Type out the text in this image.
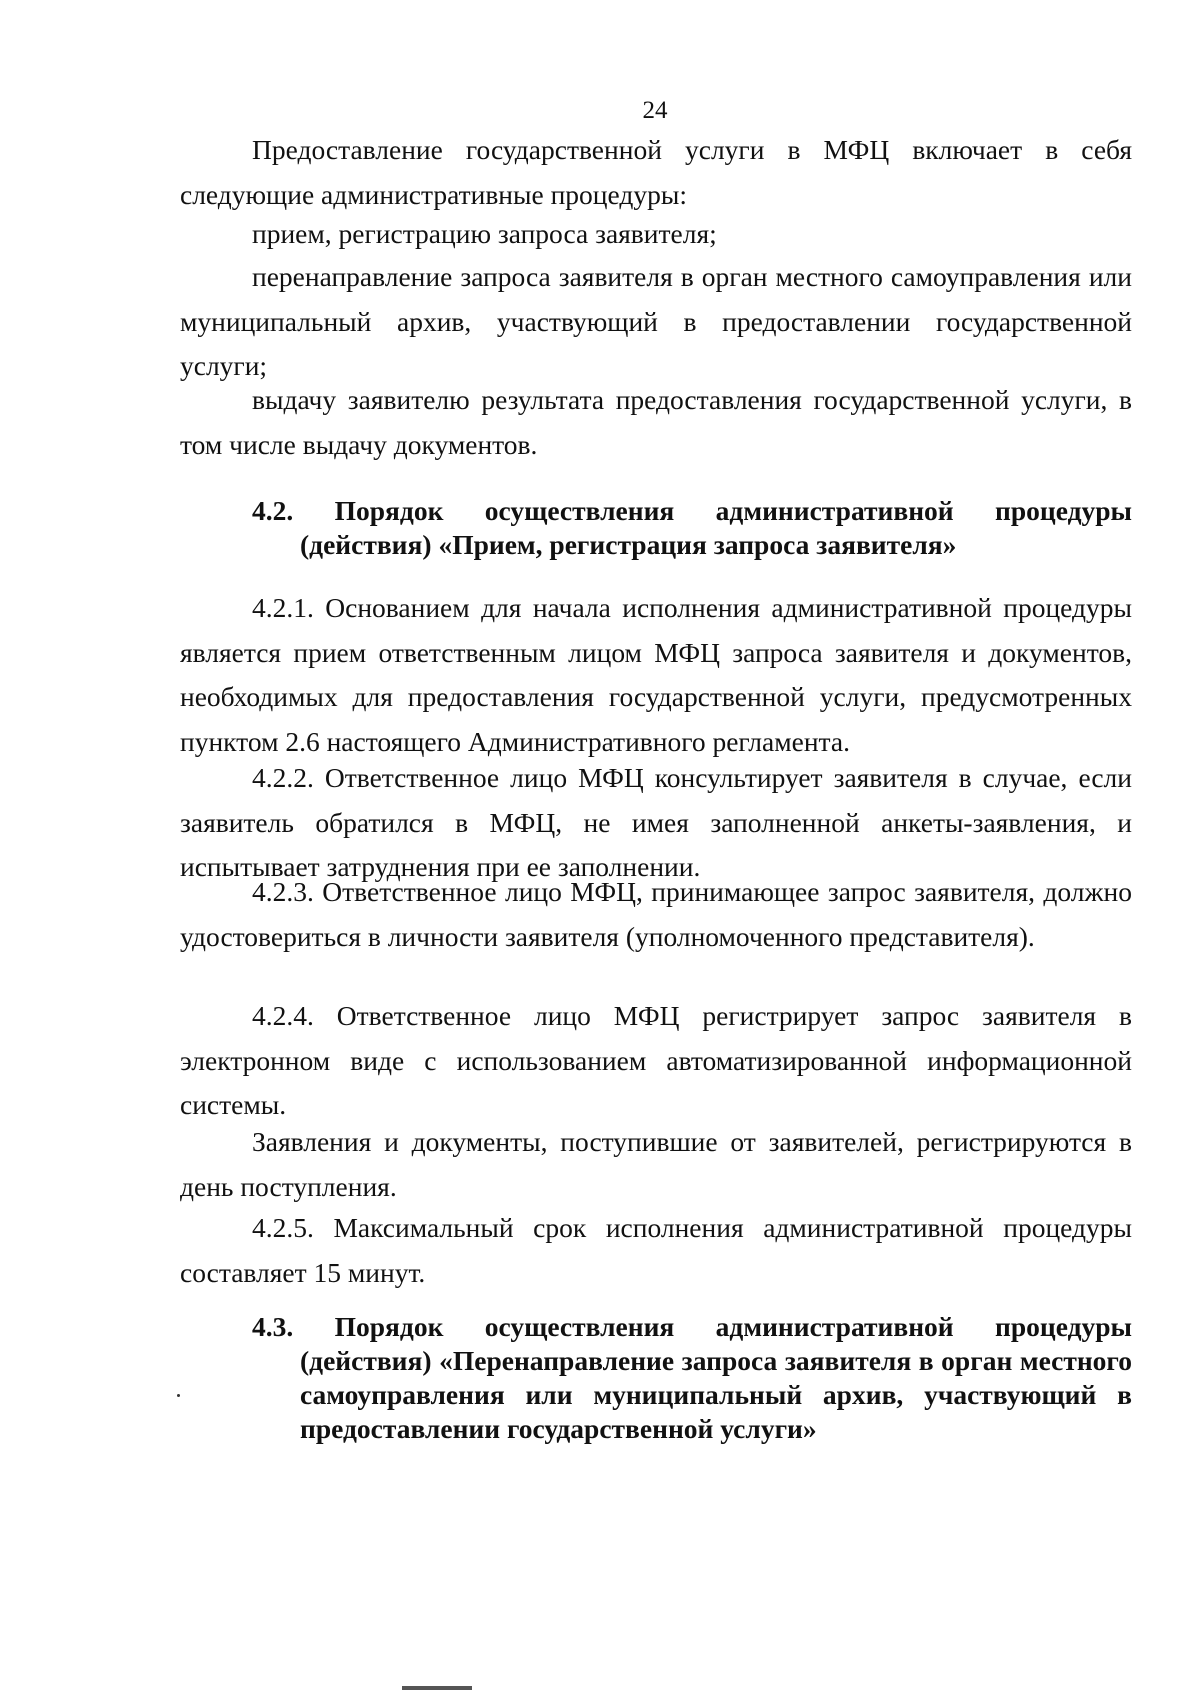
24

Предоставление государственной услуги в МФЦ включает в себя следующие административные процедуры:

прием, регистрацию запроса заявителя;

перенаправление запроса заявителя в орган местного самоуправления или муниципальный архив, участвующий в предоставлении государственной услуги;

выдачу заявителю результата предоставления государственной услуги, в том числе выдачу документов.

4.2. Порядок осуществления административной процедуры (действия) «Прием, регистрация запроса заявителя»

4.2.1. Основанием для начала исполнения административной процедуры является прием ответственным лицом МФЦ запроса заявителя и документов, необходимых для предоставления государственной услуги, предусмотренных пунктом 2.6 настоящего Административного регламента.

4.2.2. Ответственное лицо МФЦ консультирует заявителя в случае, если заявитель обратился в МФЦ, не имея заполненной анкеты-заявления, и испытывает затруднения при ее заполнении.

4.2.3. Ответственное лицо МФЦ, принимающее запрос заявителя, должно удостовериться в личности заявителя (уполномоченного представителя).

4.2.4. Ответственное лицо МФЦ регистрирует запрос заявителя в электронном виде с использованием автоматизированной информационной системы.

Заявления и документы, поступившие от заявителей, регистрируются в день поступления.

4.2.5. Максимальный срок исполнения административной процедуры составляет 15 минут.

4.3. Порядок осуществления административной процедуры (действия) «Перенаправление запроса заявителя в орган местного самоуправления или муниципальный архив, участвующий в предоставлении государственной услуги»
